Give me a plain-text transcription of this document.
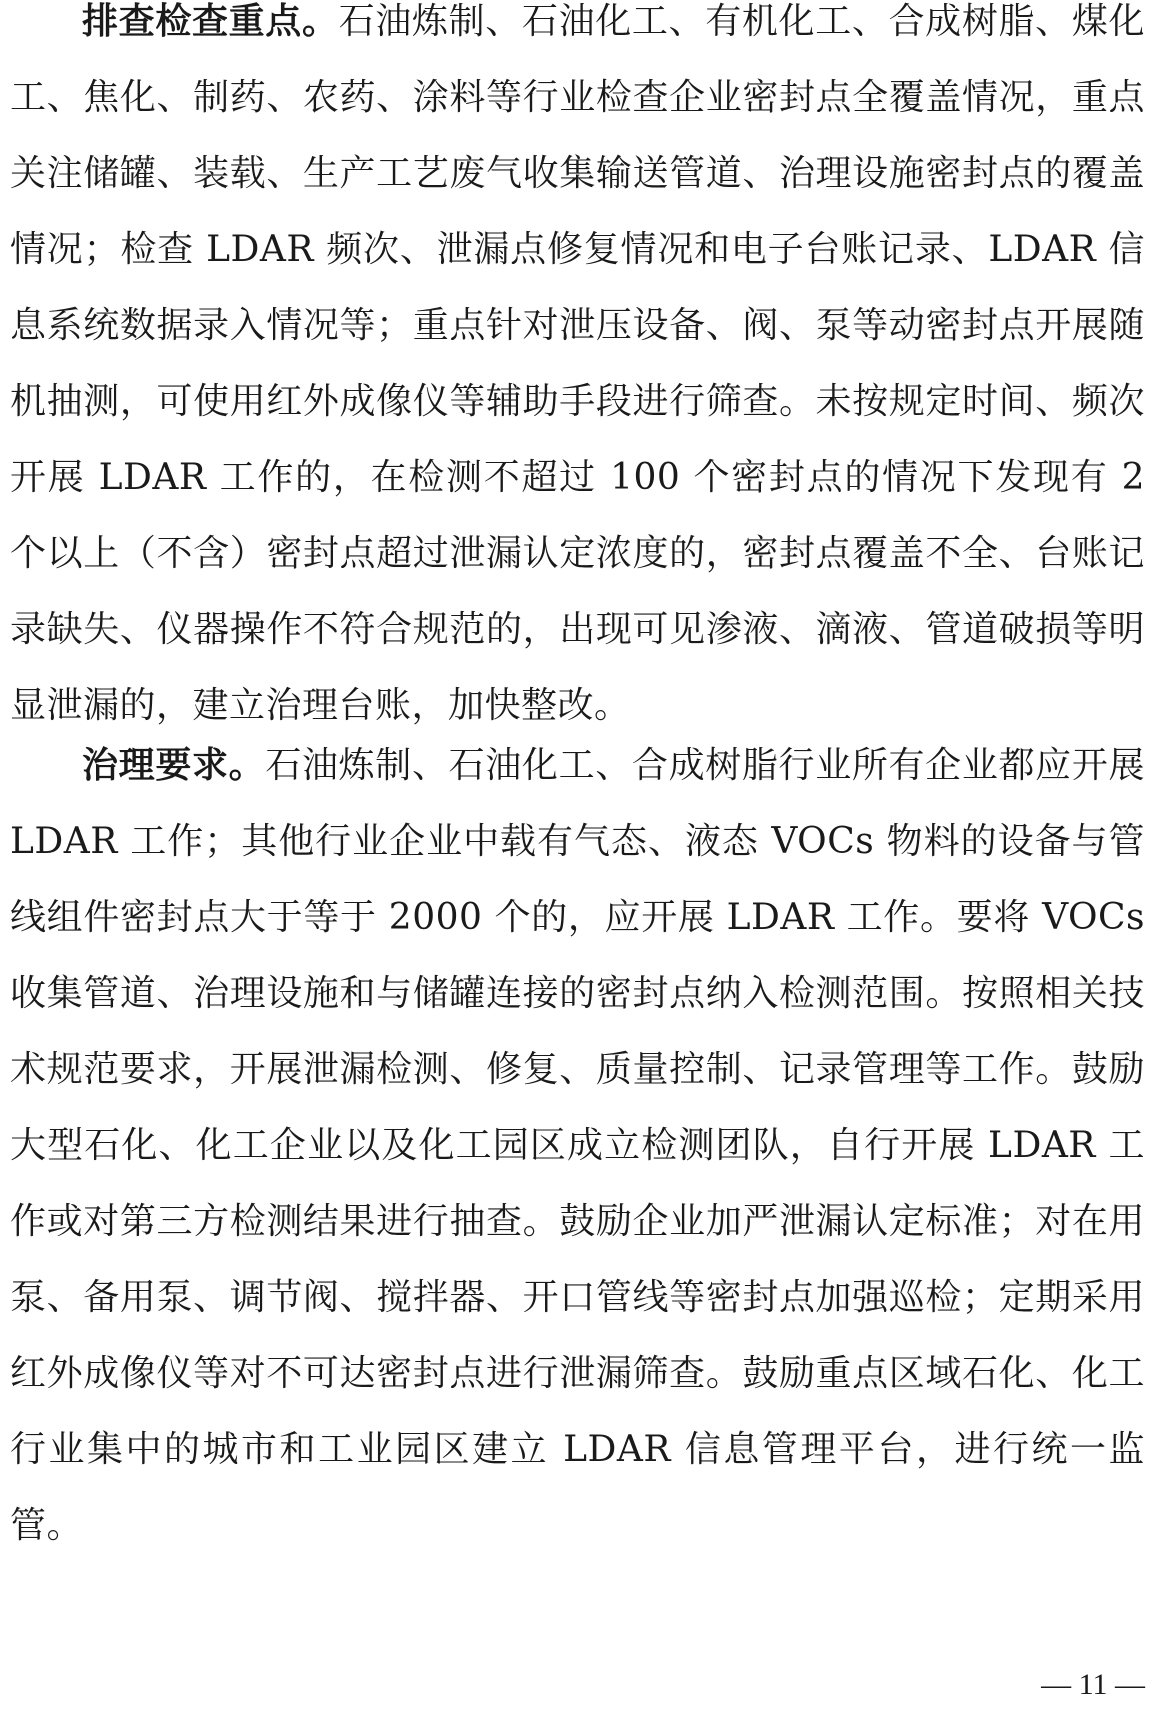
排查检查重点。石油炼制、石油化工、有机化工、合成树脂、煤化工、焦化、制药、农药、涂料等行业检查企业密封点全覆盖情况，重点关注储罐、装载、生产工艺废气收集输送管道、治理设施密封点的覆盖情况；检查 LDAR 频次、泄漏点修复情况和电子台账记录、LDAR 信息系统数据录入情况等；重点针对泄压设备、阀、泵等动密封点开展随机抽测，可使用红外成像仪等辅助手段进行筛查。未按规定时间、频次开展 LDAR 工作的，在检测不超过 100 个密封点的情况下发现有 2 个以上（不含）密封点超过泄漏认定浓度的，密封点覆盖不全、台账记录缺失、仪器操作不符合规范的，出现可见渗液、滴液、管道破损等明显泄漏的，建立治理台账，加快整改。

治理要求。石油炼制、石油化工、合成树脂行业所有企业都应开展 LDAR 工作；其他行业企业中载有气态、液态 VOCs 物料的设备与管线组件密封点大于等于 2000 个的，应开展 LDAR 工作。要将 VOCs 收集管道、治理设施和与储罐连接的密封点纳入检测范围。按照相关技术规范要求，开展泄漏检测、修复、质量控制、记录管理等工作。鼓励大型石化、化工企业以及化工园区成立检测团队，自行开展 LDAR 工作或对第三方检测结果进行抽查。鼓励企业加严泄漏认定标准；对在用泵、备用泵、调节阀、搅拌器、开口管线等密封点加强巡检；定期采用红外成像仪等对不可达密封点进行泄漏筛查。鼓励重点区域石化、化工行业集中的城市和工业园区建立 LDAR 信息管理平台，进行统一监管。

— 11 —
